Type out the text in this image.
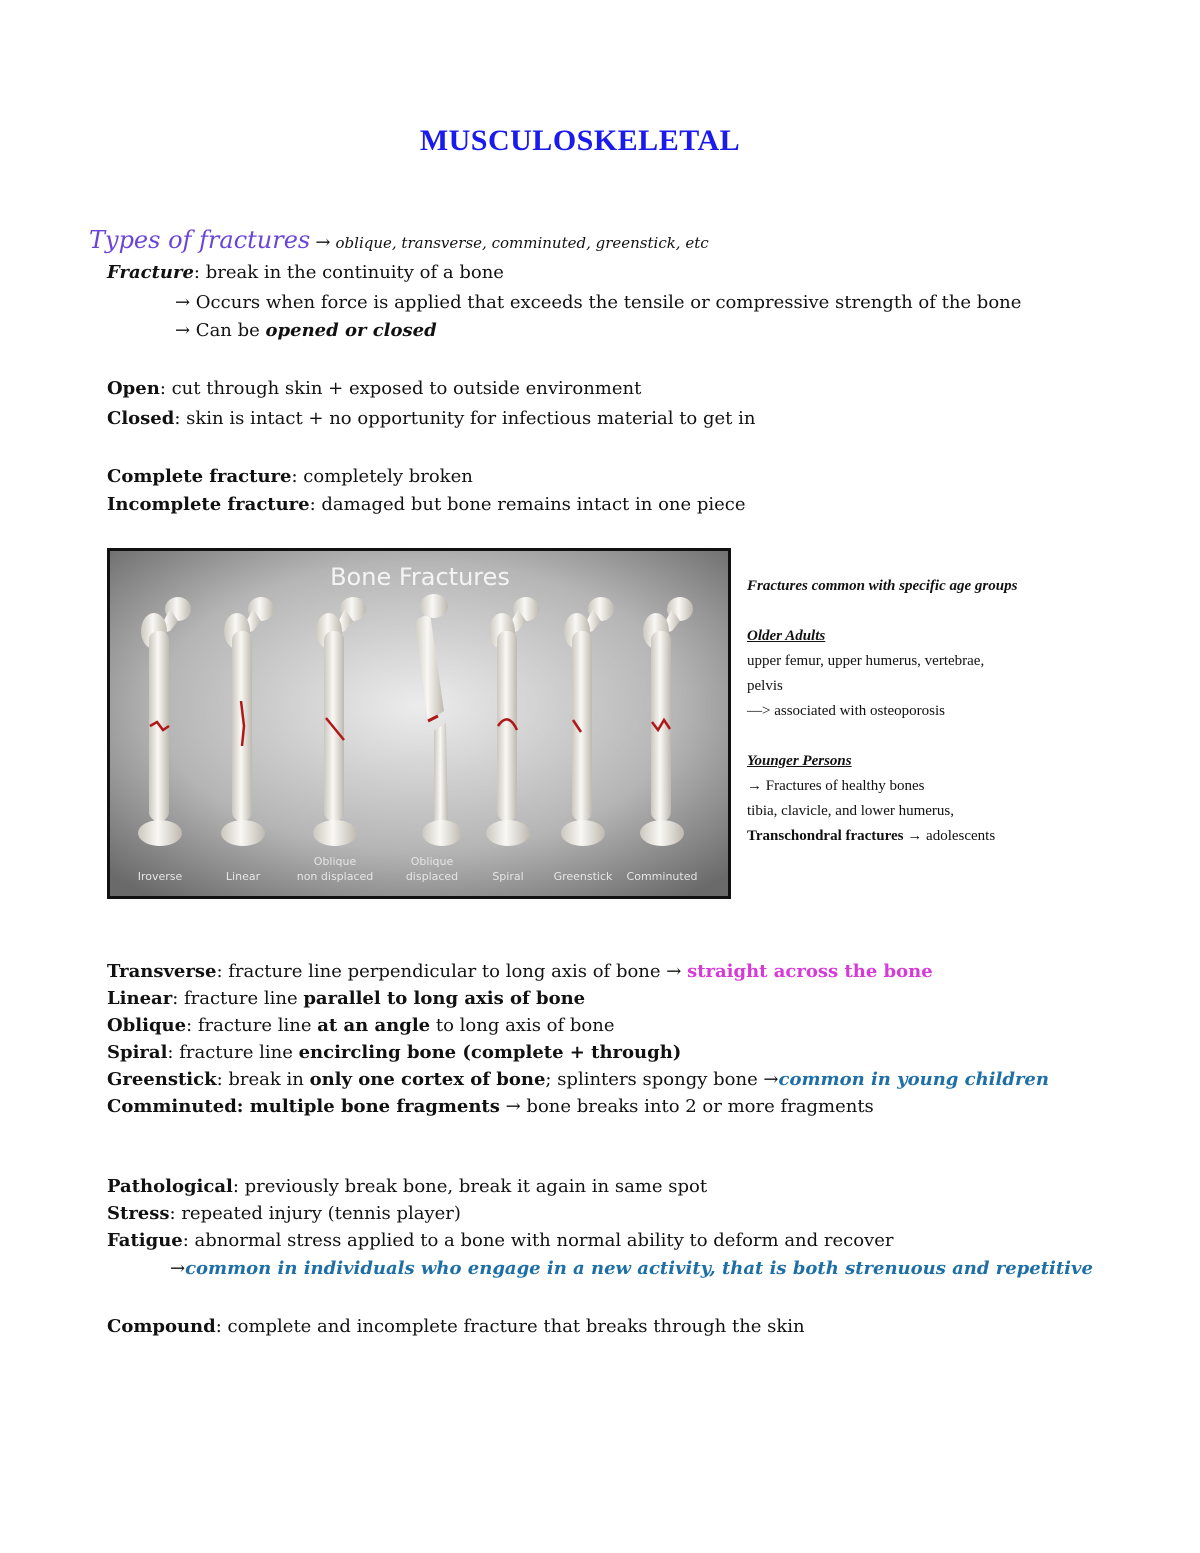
MUSCULOSKELETAL
Types of fractures → oblique, transverse, comminuted, greenstick, etc
Fracture: break in the continuity of a bone
→ Occurs when force is applied that exceeds the tensile or compressive strength of the bone
→ Can be opened or closed
Open: cut through skin + exposed to outside environment
Closed: skin is intact + no opportunity for infectious material to get in
Complete fracture: completely broken
Incomplete fracture: damaged but bone remains intact in one piece
Bone Fractures
Iroverse	Linear
Oblique
non displaced
Oblique
displaced	Spiral	Greenstick Comminuted
Fractures common with specific age groups
Older Adults
upper femur, upper humerus, vertebrae,
pelvis
—> associated with osteoporosis
Younger Persons
→ Fractures of healthy bones
tibia, clavicle, and lower humerus,
Transchondral fractures → adolescents
Transverse: fracture line perpendicular to long axis of bone → straight across the bone
Linear: fracture line parallel to long axis of bone
Oblique: fracture line at an angle to long axis of bone
Spiral: fracture line encircling bone (complete + through)
Greenstick: break in only one cortex of bone; splinters spongy bone →common in young children
Comminuted: multiple bone fragments → bone breaks into 2 or more fragments
Pathological: previously break bone, break it again in same spot
Stress: repeated injury (tennis player)
Fatigue: abnormal stress applied to a bone with normal ability to deform and recover
→common in individuals who engage in a new activity, that is both strenuous and repetitive
Compound: complete and incomplete fracture that breaks through the skin
